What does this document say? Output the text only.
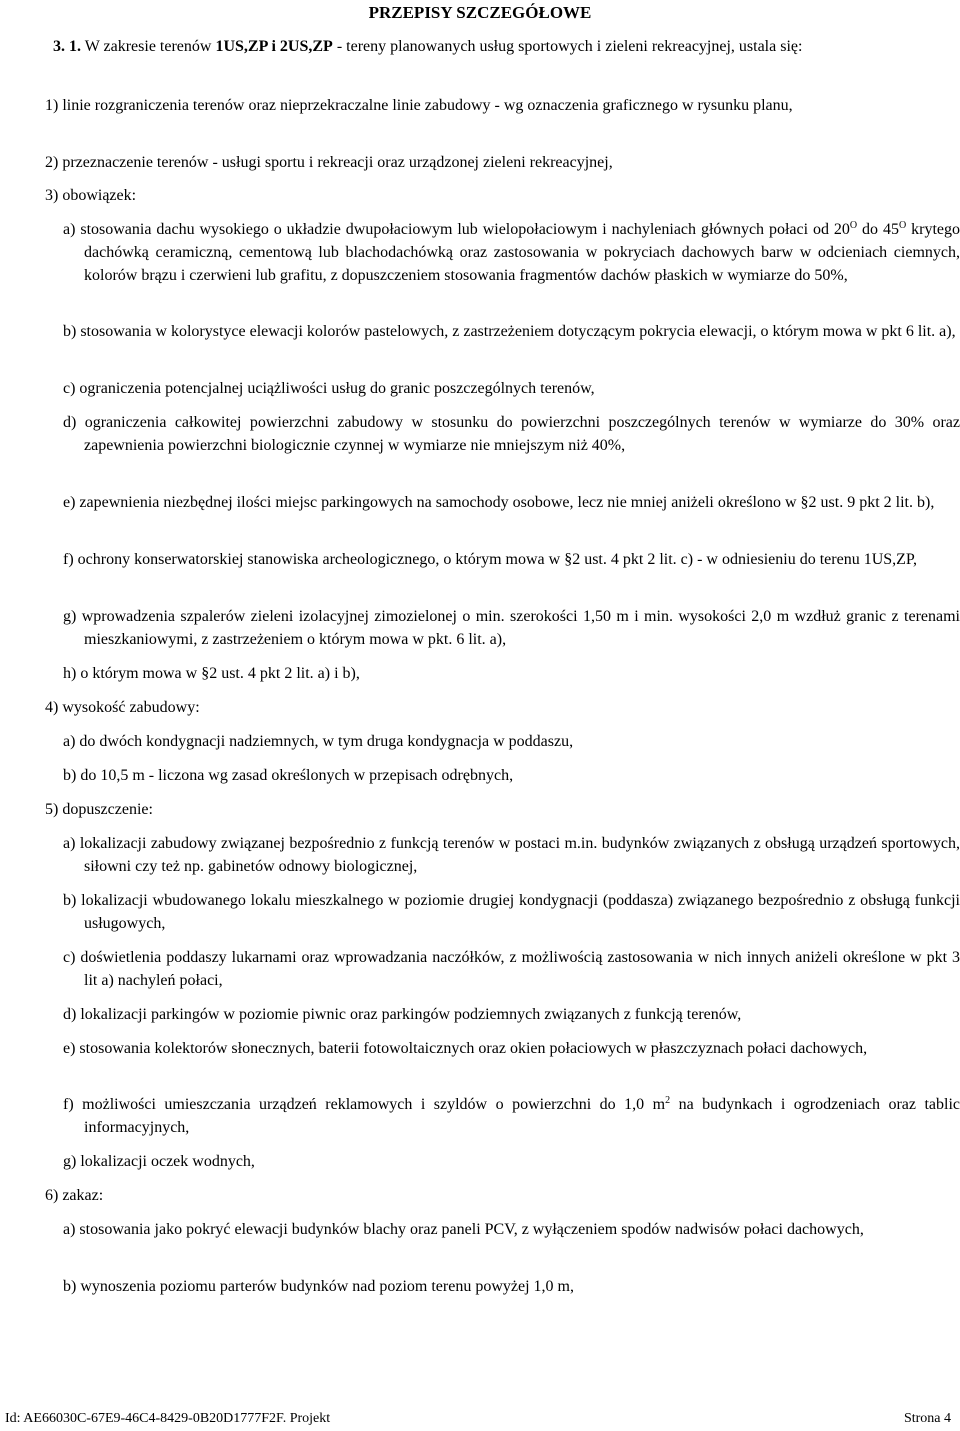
PRZEPISY SZCZEGÓŁOWE
3. 1. W zakresie terenów 1US,ZP i 2US,ZP - tereny planowanych usług sportowych i zieleni rekreacyjnej, ustala się:
1) linie rozgraniczenia terenów oraz nieprzekraczalne linie zabudowy - wg oznaczenia graficznego w rysunku planu,
2) przeznaczenie terenów - usługi sportu i rekreacji oraz urządzonej zieleni rekreacyjnej,
3) obowiązek:
a) stosowania dachu wysokiego o układzie dwupołaciowym lub wielopołaciowym i nachyleniach głównych połaci od $20^O$ do $45^O$ krytego dachówką ceramiczną, cementową lub blachodachówką oraz zastosowania w pokryciach dachowych barw w odcieniach ciemnych, kolorów brązu i czerwieni lub grafitu, z dopuszczeniem stosowania fragmentów dachów płaskich w wymiarze do 50%,
b) stosowania w kolorystyce elewacji kolorów pastelowych, z zastrzeżeniem dotyczącym pokrycia elewacji, o którym mowa w pkt 6 lit. a),
c) ograniczenia potencjalnej uciążliwości usług do granic poszczególnych terenów,
d) ograniczenia całkowitej powierzchni zabudowy w stosunku do powierzchni poszczególnych terenów w wymiarze do 30% oraz zapewnienia powierzchni biologicznie czynnej w wymiarze nie mniejszym niż 40%,
e) zapewnienia niezbędnej ilości miejsc parkingowych na samochody osobowe, lecz nie mniej aniżeli określono w §2 ust. 9 pkt 2 lit. b),
f) ochrony konserwatorskiej stanowiska archeologicznego, o którym mowa w §2 ust. 4 pkt 2 lit. c) - w odniesieniu do terenu 1US,ZP,
g) wprowadzenia szpalerów zieleni izolacyjnej zimozielonej o min. szerokości 1,50 m i min. wysokości 2,0 m wzdłuż granic z terenami mieszkaniowymi, z zastrzeżeniem o którym mowa w pkt. 6 lit. a),
h) o którym mowa w §2 ust. 4 pkt 2 lit. a) i b),
4) wysokość zabudowy:
a) do dwóch kondygnacji nadziemnych, w tym druga kondygnacja w poddaszu,
b) do 10,5 m - liczona wg zasad określonych w przepisach odrębnych,
5) dopuszczenie:
a) lokalizacji zabudowy związanej bezpośrednio z funkcją terenów w postaci m.in. budynków związanych z obsługą urządzeń sportowych, siłowni czy też np. gabinetów odnowy biologicznej,
b) lokalizacji wbudowanego lokalu mieszkalnego w poziomie drugiej kondygnacji (poddasza) związanego bezpośrednio z obsługą funkcji usługowych,
c) doświetlenia poddaszy lukarnami oraz wprowadzania naczółków, z możliwością zastosowania w nich innych aniżeli określone w pkt 3 lit a) nachyleń połaci,
d) lokalizacji parkingów w poziomie piwnic oraz parkingów podziemnych związanych z funkcją terenów,
e) stosowania kolektorów słonecznych, baterii fotowoltaicznych oraz okien połaciowych w płaszczyznach połaci dachowych,
f) możliwości umieszczania urządzeń reklamowych i szyldów o powierzchni do 1,0 $m^2$ na budynkach i ogrodzeniach oraz tablic informacyjnych,
g) lokalizacji oczek wodnych,
6) zakaz:
a) stosowania jako pokryć elewacji budynków blachy oraz paneli PCV, z wyłączeniem spodów nadwisów połaci dachowych,
b) wynoszenia poziomu parterów budynków nad poziom terenu powyżej 1,0 m,
Id: AE66030C-67E9-46C4-8429-0B20D1777F2F. Projekt	Strona 4
